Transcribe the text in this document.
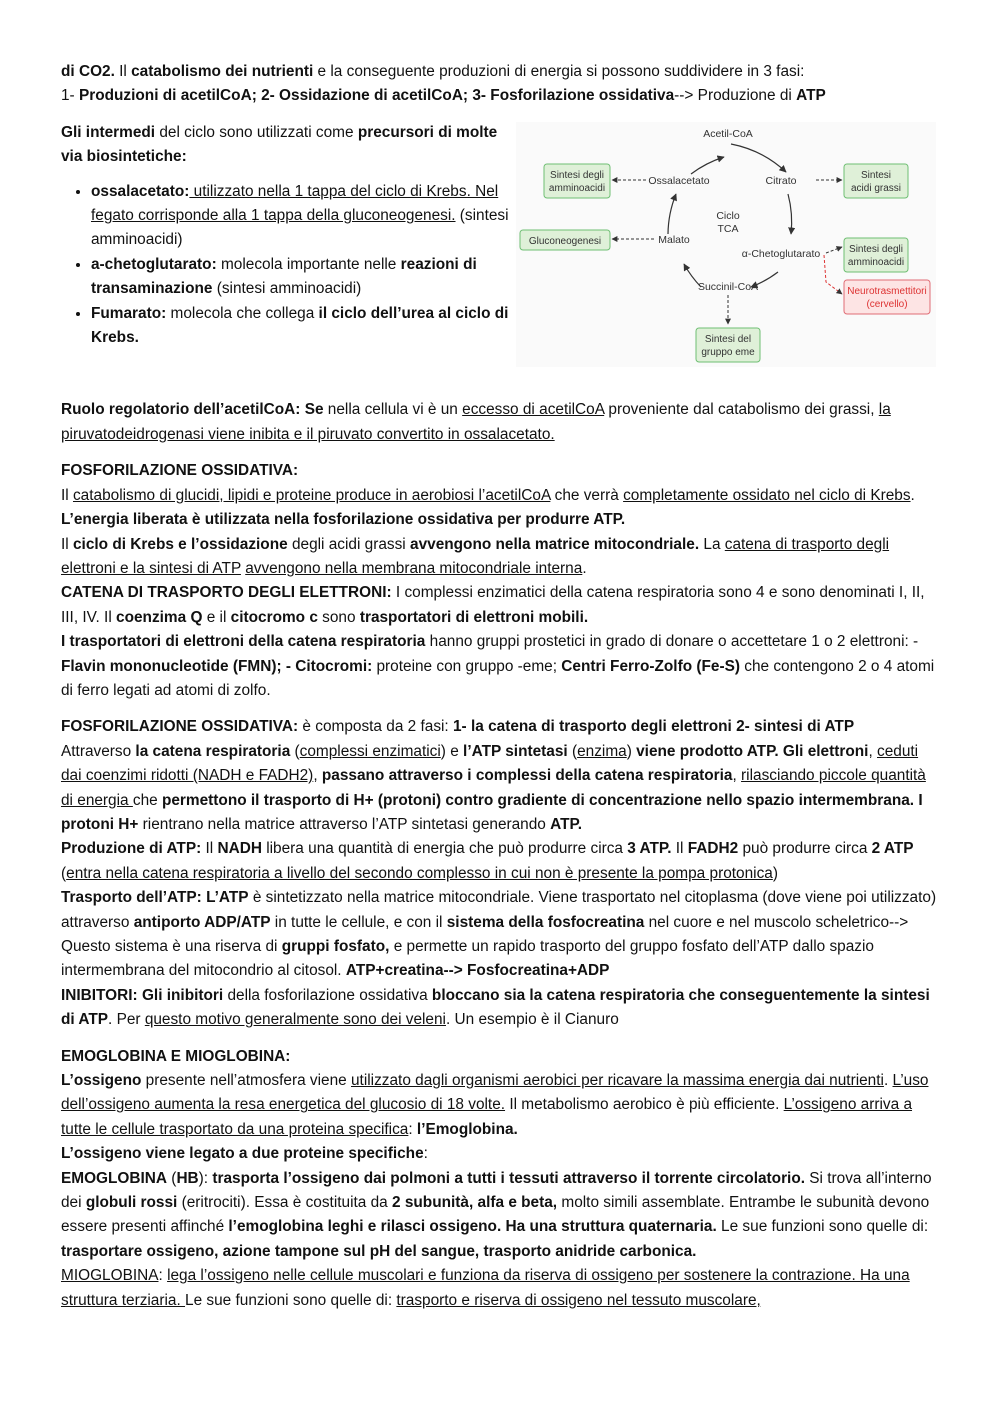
di CO2. Il catabolismo dei nutrienti e la conseguente produzioni di energia si possono suddividere in 3 fasi:

1- Produzioni di acetilCoA; 2- Ossidazione di acetilCoA; 3- Fosforilazione ossidativa--> Produzione di ATP

Gli intermedi del ciclo sono utilizzati come precursori di molte via biosintetiche:

• ossalacetato: utilizzato nella 1 tappa del ciclo di Krebs. Nel fegato corrisponde alla 1 tappa della gluconeogenesi. (sintesi amminoacidi)
• a-chetoglutarato: molecola importante nelle reazioni di transaminazione (sintesi amminoacidi)
• Fumarato: molecola che collega il ciclo dell’urea al ciclo di Krebs.
Acetil-CoA
Ossalacetato	Citrato
Ciclo
TCA
Malato
α-Chetoglutarato
Succinil-CoA
Sintesi degli
amminoacidi
Sintesi
acidi grassi
Gluconeogenesi
Sintesi degli
amminoacidi
Neurotrasmettitori
(cervello)
Sintesi del
gruppo eme

Ruolo regolatorio dell’acetilCoA: Se nella cellula vi è un eccesso di acetilCoA proveniente dal catabolismo dei grassi, la piruvatodeidrogenasi viene inibita e il piruvato convertito in ossalacetato.

FOSFORILAZIONE OSSIDATIVA:

Il catabolismo di glucidi, lipidi e proteine produce in aerobiosi l’acetilCoA che verrà completamente ossidato nel ciclo di Krebs. L’energia liberata è utilizzata nella fosforilazione ossidativa per produrre ATP.

Il ciclo di Krebs e l’ossidazione degli acidi grassi avvengono nella matrice mitocondriale. La catena di trasporto degli elettroni e la sintesi di ATP avvengono nella membrana mitocondriale interna.

CATENA DI TRASPORTO DEGLI ELETTRONI: I complessi enzimatici della catena respiratoria sono 4 e sono denominati I, II, III, IV. Il coenzima Q e il citocromo c sono trasportatori di elettroni mobili.

I trasportatori di elettroni della catena respiratoria hanno gruppi prostetici in grado di donare o accettetare 1 o 2 elettroni: - Flavin mononucleotide (FMN); - Citocromi: proteine con gruppo -eme; Centri Ferro-Zolfo (Fe-S) che contengono 2 o 4 atomi di ferro legati ad atomi di zolfo.

FOSFORILAZIONE OSSIDATIVA: è composta da 2 fasi: 1- la catena di trasporto degli elettroni 2- sintesi di ATP

Attraverso la catena respiratoria (complessi enzimatici) e l’ATP sintetasi (enzima) viene prodotto ATP. Gli elettroni, ceduti dai coenzimi ridotti (NADH e FADH2), passano attraverso i complessi della catena respiratoria, rilasciando piccole quantità di energia che permettono il trasporto di H+ (protoni) contro gradiente di concentrazione nello spazio intermembrana. I protoni H+ rientrano nella matrice attraverso l’ATP sintetasi generando ATP.

Produzione di ATP: Il NADH libera una quantità di energia che può produrre circa 3 ATP. Il FADH2 può produrre circa 2 ATP (entra nella catena respiratoria a livello del secondo complesso in cui non è presente la pompa protonica)

Trasporto dell’ATP: L’ATP è sintetizzato nella matrice mitocondriale. Viene trasportato nel citoplasma (dove viene poi utilizzato) attraverso antiporto ADP/ATP in tutte le cellule, e con il sistema della fosfocreatina nel cuore e nel muscolo scheletrico--> Questo sistema è una riserva di gruppi fosfato, e permette un rapido trasporto del gruppo fosfato dell’ATP dallo spazio intermembrana del mitocondrio al citosol. ATP+creatina--> Fosfocreatina+ADP

INIBITORI: Gli inibitori della fosforilazione ossidativa bloccano sia la catena respiratoria che conseguentemente la sintesi di ATP. Per questo motivo generalmente sono dei veleni. Un esempio è il Cianuro

EMOGLOBINA E MIOGLOBINA:

L’ossigeno presente nell’atmosfera viene utilizzato dagli organismi aerobici per ricavare la massima energia dai nutrienti. L’uso dell’ossigeno aumenta la resa energetica del glucosio di 18 volte. Il metabolismo aerobico è più efficiente. L’ossigeno arriva a tutte le cellule trasportato da una proteina specifica: l’Emoglobina.

L’ossigeno viene legato a due proteine specifiche:

EMOGLOBINA (HB): trasporta l’ossigeno dai polmoni a tutti i tessuti attraverso il torrente circolatorio. Si trova all’interno dei globuli rossi (eritrociti). Essa è costituita da 2 subunità, alfa e beta, molto simili assemblate. Entrambe le subunità devono essere presenti affinché l’emoglobina leghi e rilasci ossigeno. Ha una struttura quaternaria. Le sue funzioni sono quelle di: trasportare ossigeno, azione tampone sul pH del sangue, trasporto anidride carbonica.

MIOGLOBINA: lega l’ossigeno nelle cellule muscolari e funziona da riserva di ossigeno per sostenere la contrazione. Ha una struttura terziaria. Le sue funzioni sono quelle di: trasporto e riserva di ossigeno nel tessuto muscolare,
